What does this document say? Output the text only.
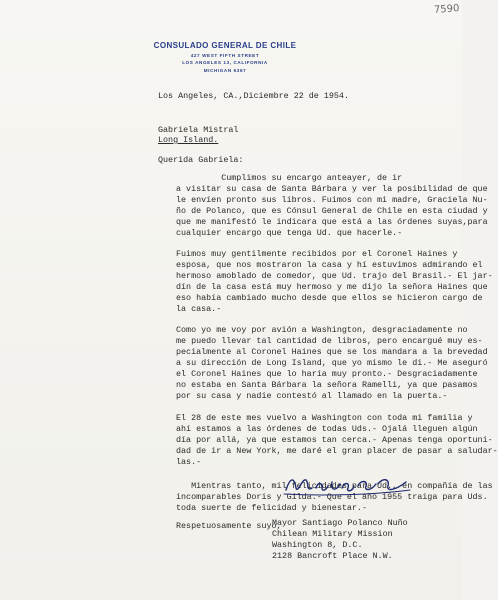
7590
CONSULADO GENERAL DE CHILE
427 WEST FIFTH STREET
LOS ANGELES 13, CALIFORNIA
MICHIGAN 6367
Los Angeles, CA.,Diciembre 22 de 1954.
Gabriela Mistral
Long Island.
Querida Gabriela:
Cumplimos su encargo anteayer, de ir
a visitar su casa de Santa Bárbara y ver la posibilidad de que
le envíen pronto sus libros. Fuimos con mi madre, Graciela Nu-
ño de Polanco, que es Cónsul General de Chile en esta ciudad y
que me manifestó le indicara que está a las órdenes suyas,para
cualquier encargo que tenga Ud. que hacerle.-
Fuimos muy gentilmente recibidos por el Coronel Haines y
esposa, que nos mostraron la casa y hí estuvimos admirando el
hermoso amoblado de comedor, que Ud. trajo del Brasil.- El jar-
dín de la casa está muy hermoso y me dijo la señora Haines que
eso había cambiado mucho desde que ellos se hicieron cargo de
la casa.-
Como yo me voy por avión a Washington, desgraciadamente no
me puedo llevar tal cantidad de libros, pero encargué muy es-
pecialmente al Coronel Haines que se los mandara a la brevedad
a su dirección de Long Island, que yo mismo le di.- Me aseguró
el Coronel Haines que lo haría muy pronto.- Desgraciadamente
no estaba en Santa Bárbara la señora Ramelli, ya que pasamos
por su casa y nadie contestó al llamado en la puerta.-
El 28 de este mes vuelvo a Washington con toda mi familia y
ahí estamos a las órdenes de todas Uds.- Ojalá lleguen algún
día por allá, ya que estamos tan cerca.- Apenas tenga oportuni-
dad de ir a New York, me daré el gran placer de pasar a saludar-
las.-
Mientras tanto, mil felicidades para Ud., en compañía de las
incomparables Doris y Gilda.- Que el año 1955 traiga para Uds.
toda suerte de felicidad y bienestar.-
Respetuosamente suyo,
Mayor Santiago Polanco Nuño
Chilean Military Mission
Washington 8, D.C.
2128 Bancroft Place N.W.
